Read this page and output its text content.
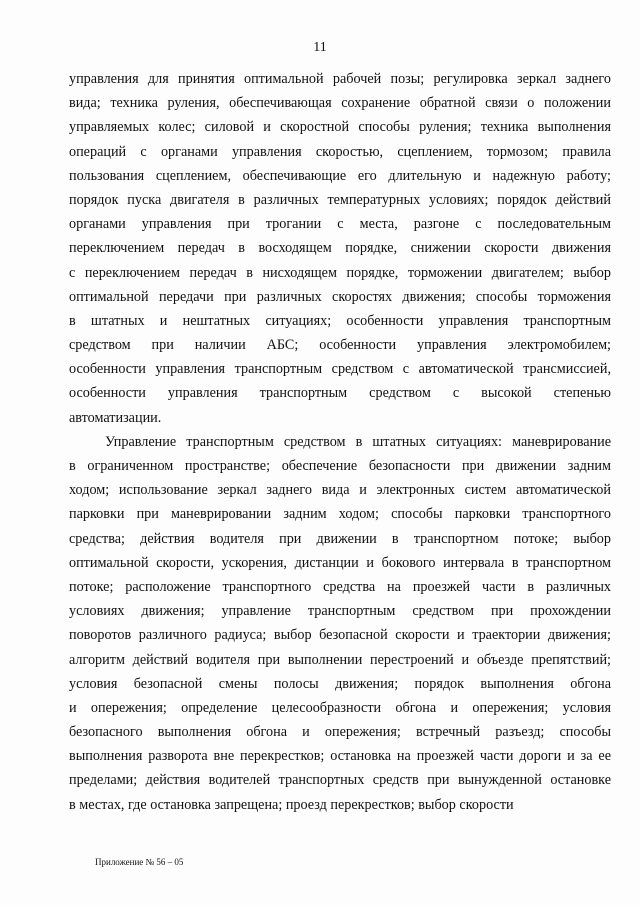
11
управления для принятия оптимальной рабочей позы; регулировка зеркал заднего
вида; техника руления, обеспечивающая сохранение обратной связи о положении
управляемых колес; силовой и скоростной способы руления; техника выполнения
операций с органами управления скоростью, сцеплением, тормозом; правила
пользования сцеплением, обеспечивающие его длительную и надежную работу;
порядок пуска двигателя в различных температурных условиях; порядок действий
органами управления при трогании с места, разгоне с последовательным
переключением передач в восходящем порядке, снижении скорости движения
с переключением передач в нисходящем порядке, торможении двигателем; выбор
оптимальной передачи при различных скоростях движения; способы торможения
в штатных и нештатных ситуациях; особенности управления транспортным
средством при наличии АБС; особенности управления электромобилем;
особенности управления транспортным средством с автоматической трансмиссией,
особенности управления транспортным средством с высокой степенью
автоматизации.
Управление транспортным средством в штатных ситуациях: маневрирование
в ограниченном пространстве; обеспечение безопасности при движении задним
ходом; использование зеркал заднего вида и электронных систем автоматической
парковки при маневрировании задним ходом; способы парковки транспортного
средства; действия водителя при движении в транспортном потоке; выбор
оптимальной скорости, ускорения, дистанции и бокового интервала в транспортном
потоке; расположение транспортного средства на проезжей части в различных
условиях движения; управление транспортным средством при прохождении
поворотов различного радиуса; выбор безопасной скорости и траектории движения;
алгоритм действий водителя при выполнении перестроений и объезде препятствий;
условия безопасной смены полосы движения; порядок выполнения обгона
и опережения; определение целесообразности обгона и опережения; условия
безопасного выполнения обгона и опережения; встречный разъезд; способы
выполнения разворота вне перекрестков; остановка на проезжей части дороги и за ее
пределами; действия водителей транспортных средств при вынужденной остановке
в местах, где остановка запрещена; проезд перекрестков; выбор скорости
Приложение № 56 – 05
